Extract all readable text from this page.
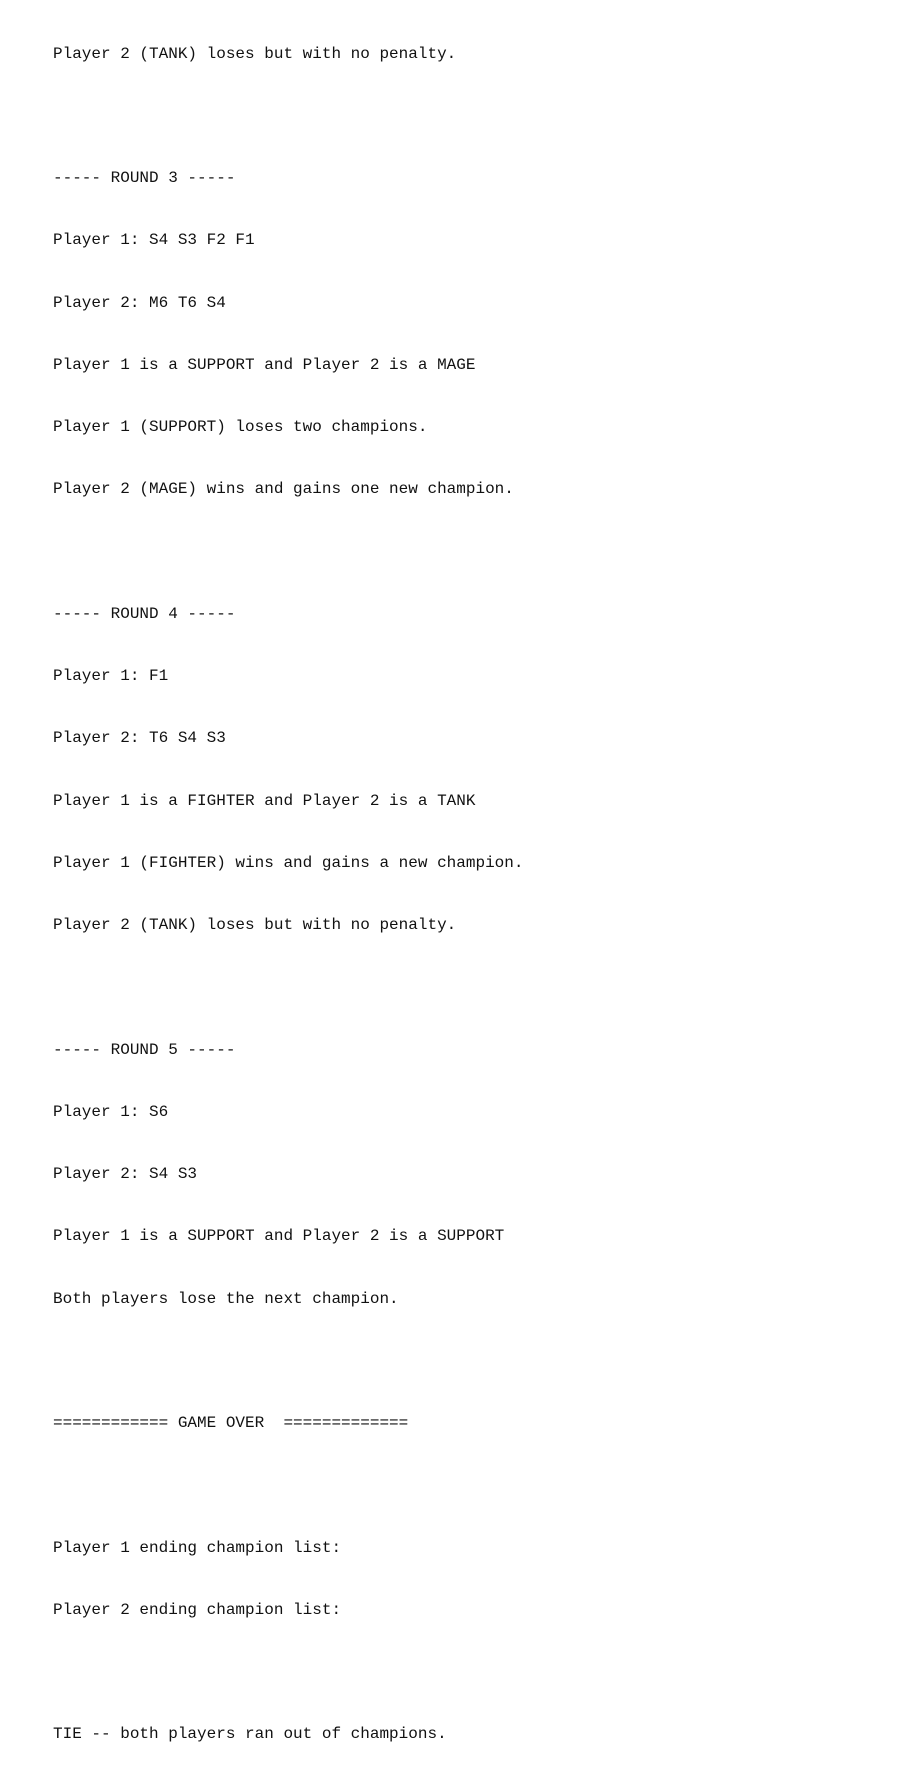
Player 2 (TANK) loses but with no penalty.

----- ROUND 3 -----

Player 1: S4 S3 F2 F1

Player 2: M6 T6 S4

Player 1 is a SUPPORT and Player 2 is a MAGE

Player 1 (SUPPORT) loses two champions.

Player 2 (MAGE) wins and gains one new champion.

----- ROUND 4 -----

Player 1: F1

Player 2: T6 S4 S3

Player 1 is a FIGHTER and Player 2 is a TANK

Player 1 (FIGHTER) wins and gains a new champion.

Player 2 (TANK) loses but with no penalty.

----- ROUND 5 -----

Player 1: S6

Player 2: S4 S3

Player 1 is a SUPPORT and Player 2 is a SUPPORT

Both players lose the next champion.

============ GAME OVER  =============

Player 1 ending champion list:

Player 2 ending champion list:

TIE -- both players ran out of champions.
